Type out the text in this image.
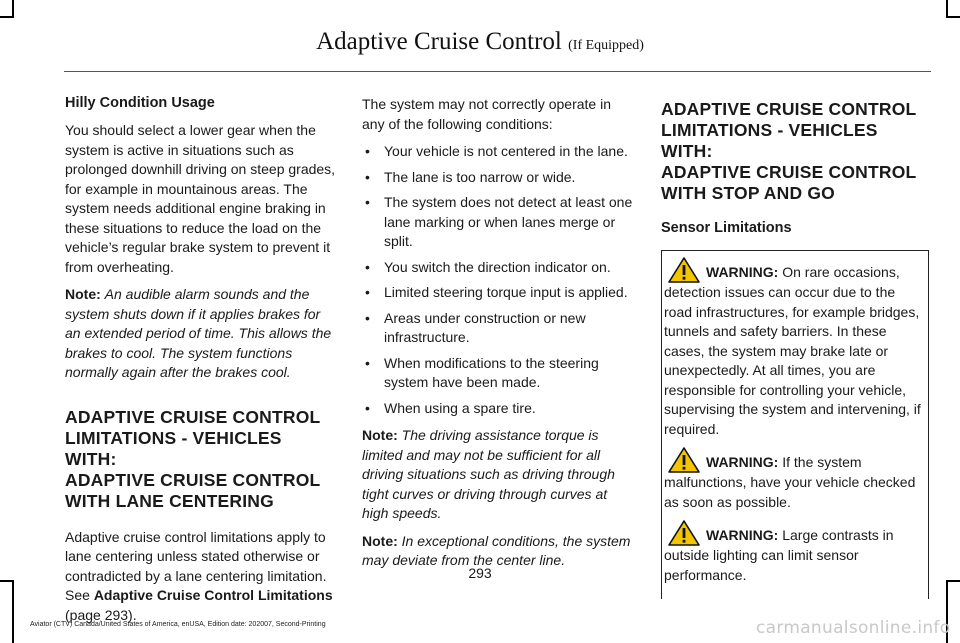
Adaptive Cruise Control (If Equipped)
Hilly Condition Usage

You should select a lower gear when the system is active in situations such as prolonged downhill driving on steep grades, for example in mountainous areas. The system needs additional engine braking in these situations to reduce the load on the vehicle’s regular brake system to prevent it from overheating.

Note: An audible alarm sounds and the system shuts down if it applies brakes for an extended period of time. This allows the brakes to cool. The system functions normally again after the brakes cool.

ADAPTIVE CRUISE CONTROL
LIMITATIONS - VEHICLES WITH:
ADAPTIVE CRUISE CONTROL
WITH LANE CENTERING

Adaptive cruise control limitations apply to lane centering unless stated otherwise or contradicted by a lane centering limitation. See Adaptive Cruise Control Limitations (page 293).

The system may not correctly operate in any of the following conditions:

• Your vehicle is not centered in the lane.
• The lane is too narrow or wide.
• The system does not detect at least one lane marking or when lanes merge or split.
• You switch the direction indicator on.
• Limited steering torque input is applied.
• Areas under construction or new infrastructure.
• When modifications to the steering system have been made.
• When using a spare tire.

Note: The driving assistance torque is limited and may not be sufficient for all driving situations such as driving through tight curves or driving through curves at high speeds.

Note: In exceptional conditions, the system may deviate from the center line.

ADAPTIVE CRUISE CONTROL
LIMITATIONS - VEHICLES WITH:
ADAPTIVE CRUISE CONTROL
WITH STOP AND GO
Sensor Limitations
WARNING: On rare occasions, detection issues can occur due to the road infrastructures, for example bridges, tunnels and safety barriers. In these cases, the system may brake late or unexpectedly. At all times, you are responsible for controlling your vehicle, supervising the system and intervening, if required.
WARNING: If the system malfunctions, have your vehicle checked as soon as possible.
WARNING: Large contrasts in outside lighting can limit sensor performance.
293
Aviator (CTV) Canada/United States of America, enUSA, Edition date: 202007, Second-Printing	carmanualsonline.info
